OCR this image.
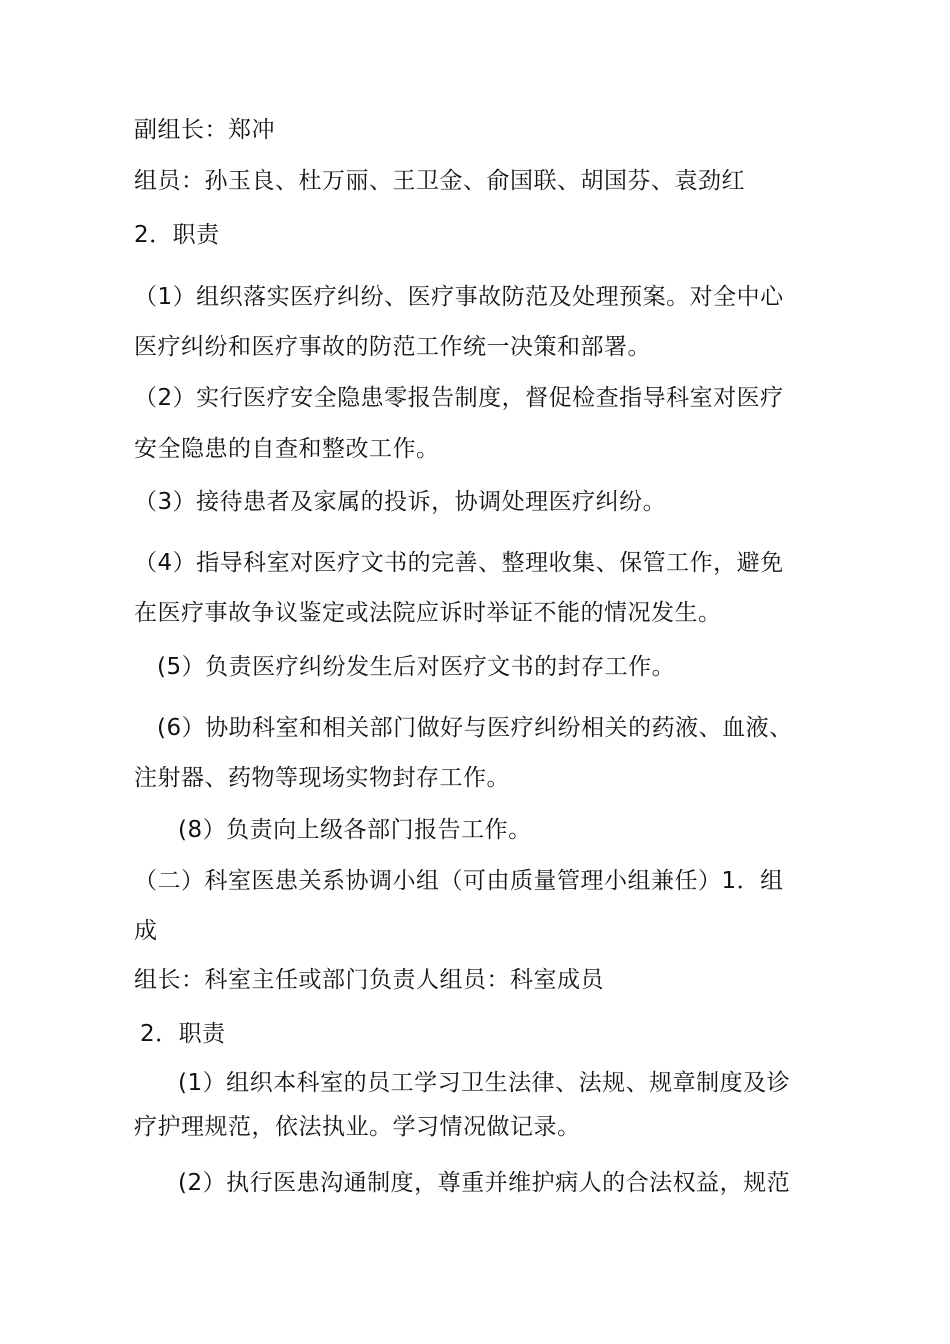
副组长：郑冲
组员：孙玉良、杜万丽、王卫金、俞国联、胡国芬、袁劲红
2．职责
（1）组织落实医疗纠纷、医疗事故防范及处理预案。对全中心
医疗纠纷和医疗事故的防范工作统一决策和部署。
（2）实行医疗安全隐患零报告制度，督促检查指导科室对医疗
安全隐患的自查和整改工作。
（3）接待患者及家属的投诉，协调处理医疗纠纷。
（4）指导科室对医疗文书的完善、整理收集、保管工作，避免
在医疗事故争议鉴定或法院应诉时举证不能的情况发生。
(5）负责医疗纠纷发生后对医疗文书的封存工作。
(6）协助科室和相关部门做好与医疗纠纷相关的药液、血液、
注射器、药物等现场实物封存工作。
(8）负责向上级各部门报告工作。
（二）科室医患关系协调小组（可由质量管理小组兼任）1．组
成
组长：科室主任或部门负责人组员：科室成员
2．职责
(1）组织本科室的员工学习卫生法律、法规、规章制度及诊
疗护理规范，依法执业。学习情况做记录。
(2）执行医患沟通制度，尊重并维护病人的合法权益，规范
